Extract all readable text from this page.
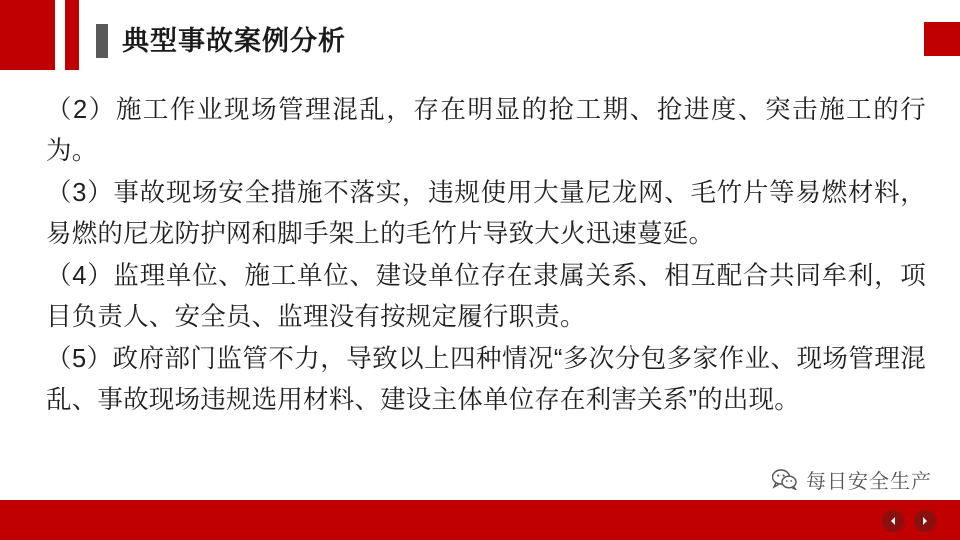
典型事故案例分析

（2）施工作业现场管理混乱，存在明显的抢工期、抢进度、突击施工的行为。

（3）事故现场安全措施不落实，违规使用大量尼龙网、毛竹片等易燃材料，易燃的尼龙防护网和脚手架上的毛竹片导致大火迅速蔓延。

（4）监理单位、施工单位、建设单位存在隶属关系、相互配合共同牟利，项目负责人、安全员、监理没有按规定履行职责。

（5）政府部门监管不力，导致以上四种情况“多次分包多家作业、现场管理混乱、事故现场违规选用材料、建设主体单位存在利害关系”的出现。

每日安全生产
